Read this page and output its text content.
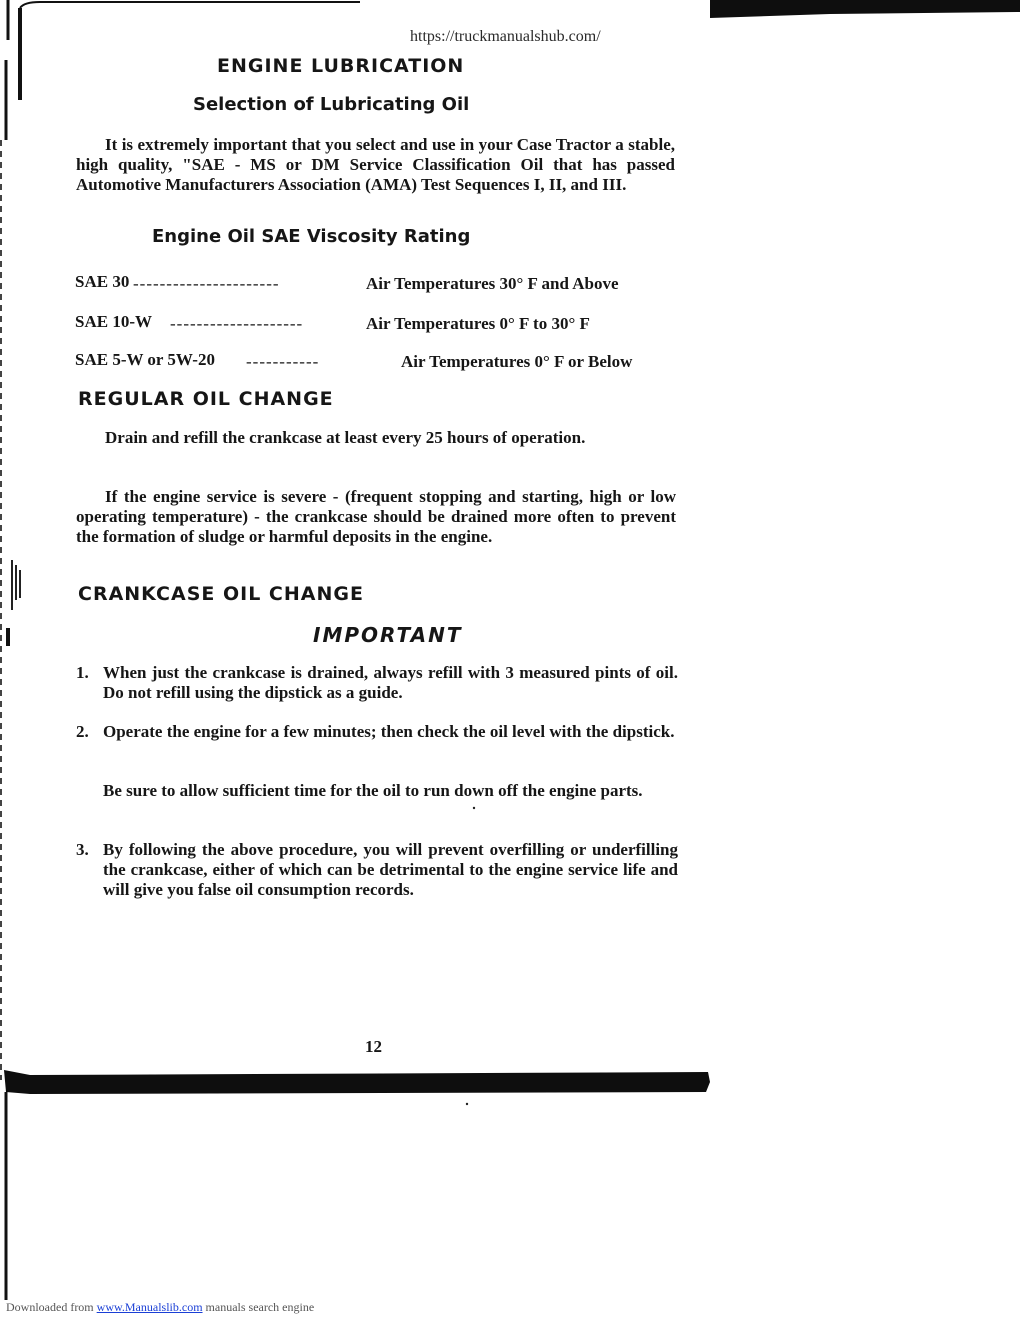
https://truckmanualshub.com/
ENGINE LUBRICATION
Selection of Lubricating Oil
It is extremely important that you select and use in your Case Tractor a stable, high quality, "SAE - MS or DM Service Classification Oil that has passed Automotive Manufacturers Association (AMA) Test Sequences I, II, and III.
Engine Oil SAE Viscosity Rating
SAE 30 ----------------------	Air Temperatures 30° F and Above
SAE 10-W --------------------	Air Temperatures 0° F to 30° F
SAE 5-W or 5W-20 -----------	Air Temperatures 0° F or Below
REGULAR OIL CHANGE
Drain and refill the crankcase at least every 25 hours of operation.
If the engine service is severe - (frequent stopping and starting, high or low operating temperature) - the crankcase should be drained more often to prevent the formation of sludge or harmful deposits in the engine.
CRANKCASE OIL CHANGE
IMPORTANT
1. When just the crankcase is drained, always refill with 3 measured pints of oil. Do not refill using the dipstick as a guide.
2. Operate the engine for a few minutes; then check the oil level with the dipstick.
Be sure to allow sufficient time for the oil to run down off the engine parts.
3. By following the above procedure, you will prevent overfilling or underfilling the crankcase, either of which can be detrimental to the engine service life and will give you false oil consumption records.
12
Downloaded from www.Manualslib.com manuals search engine
